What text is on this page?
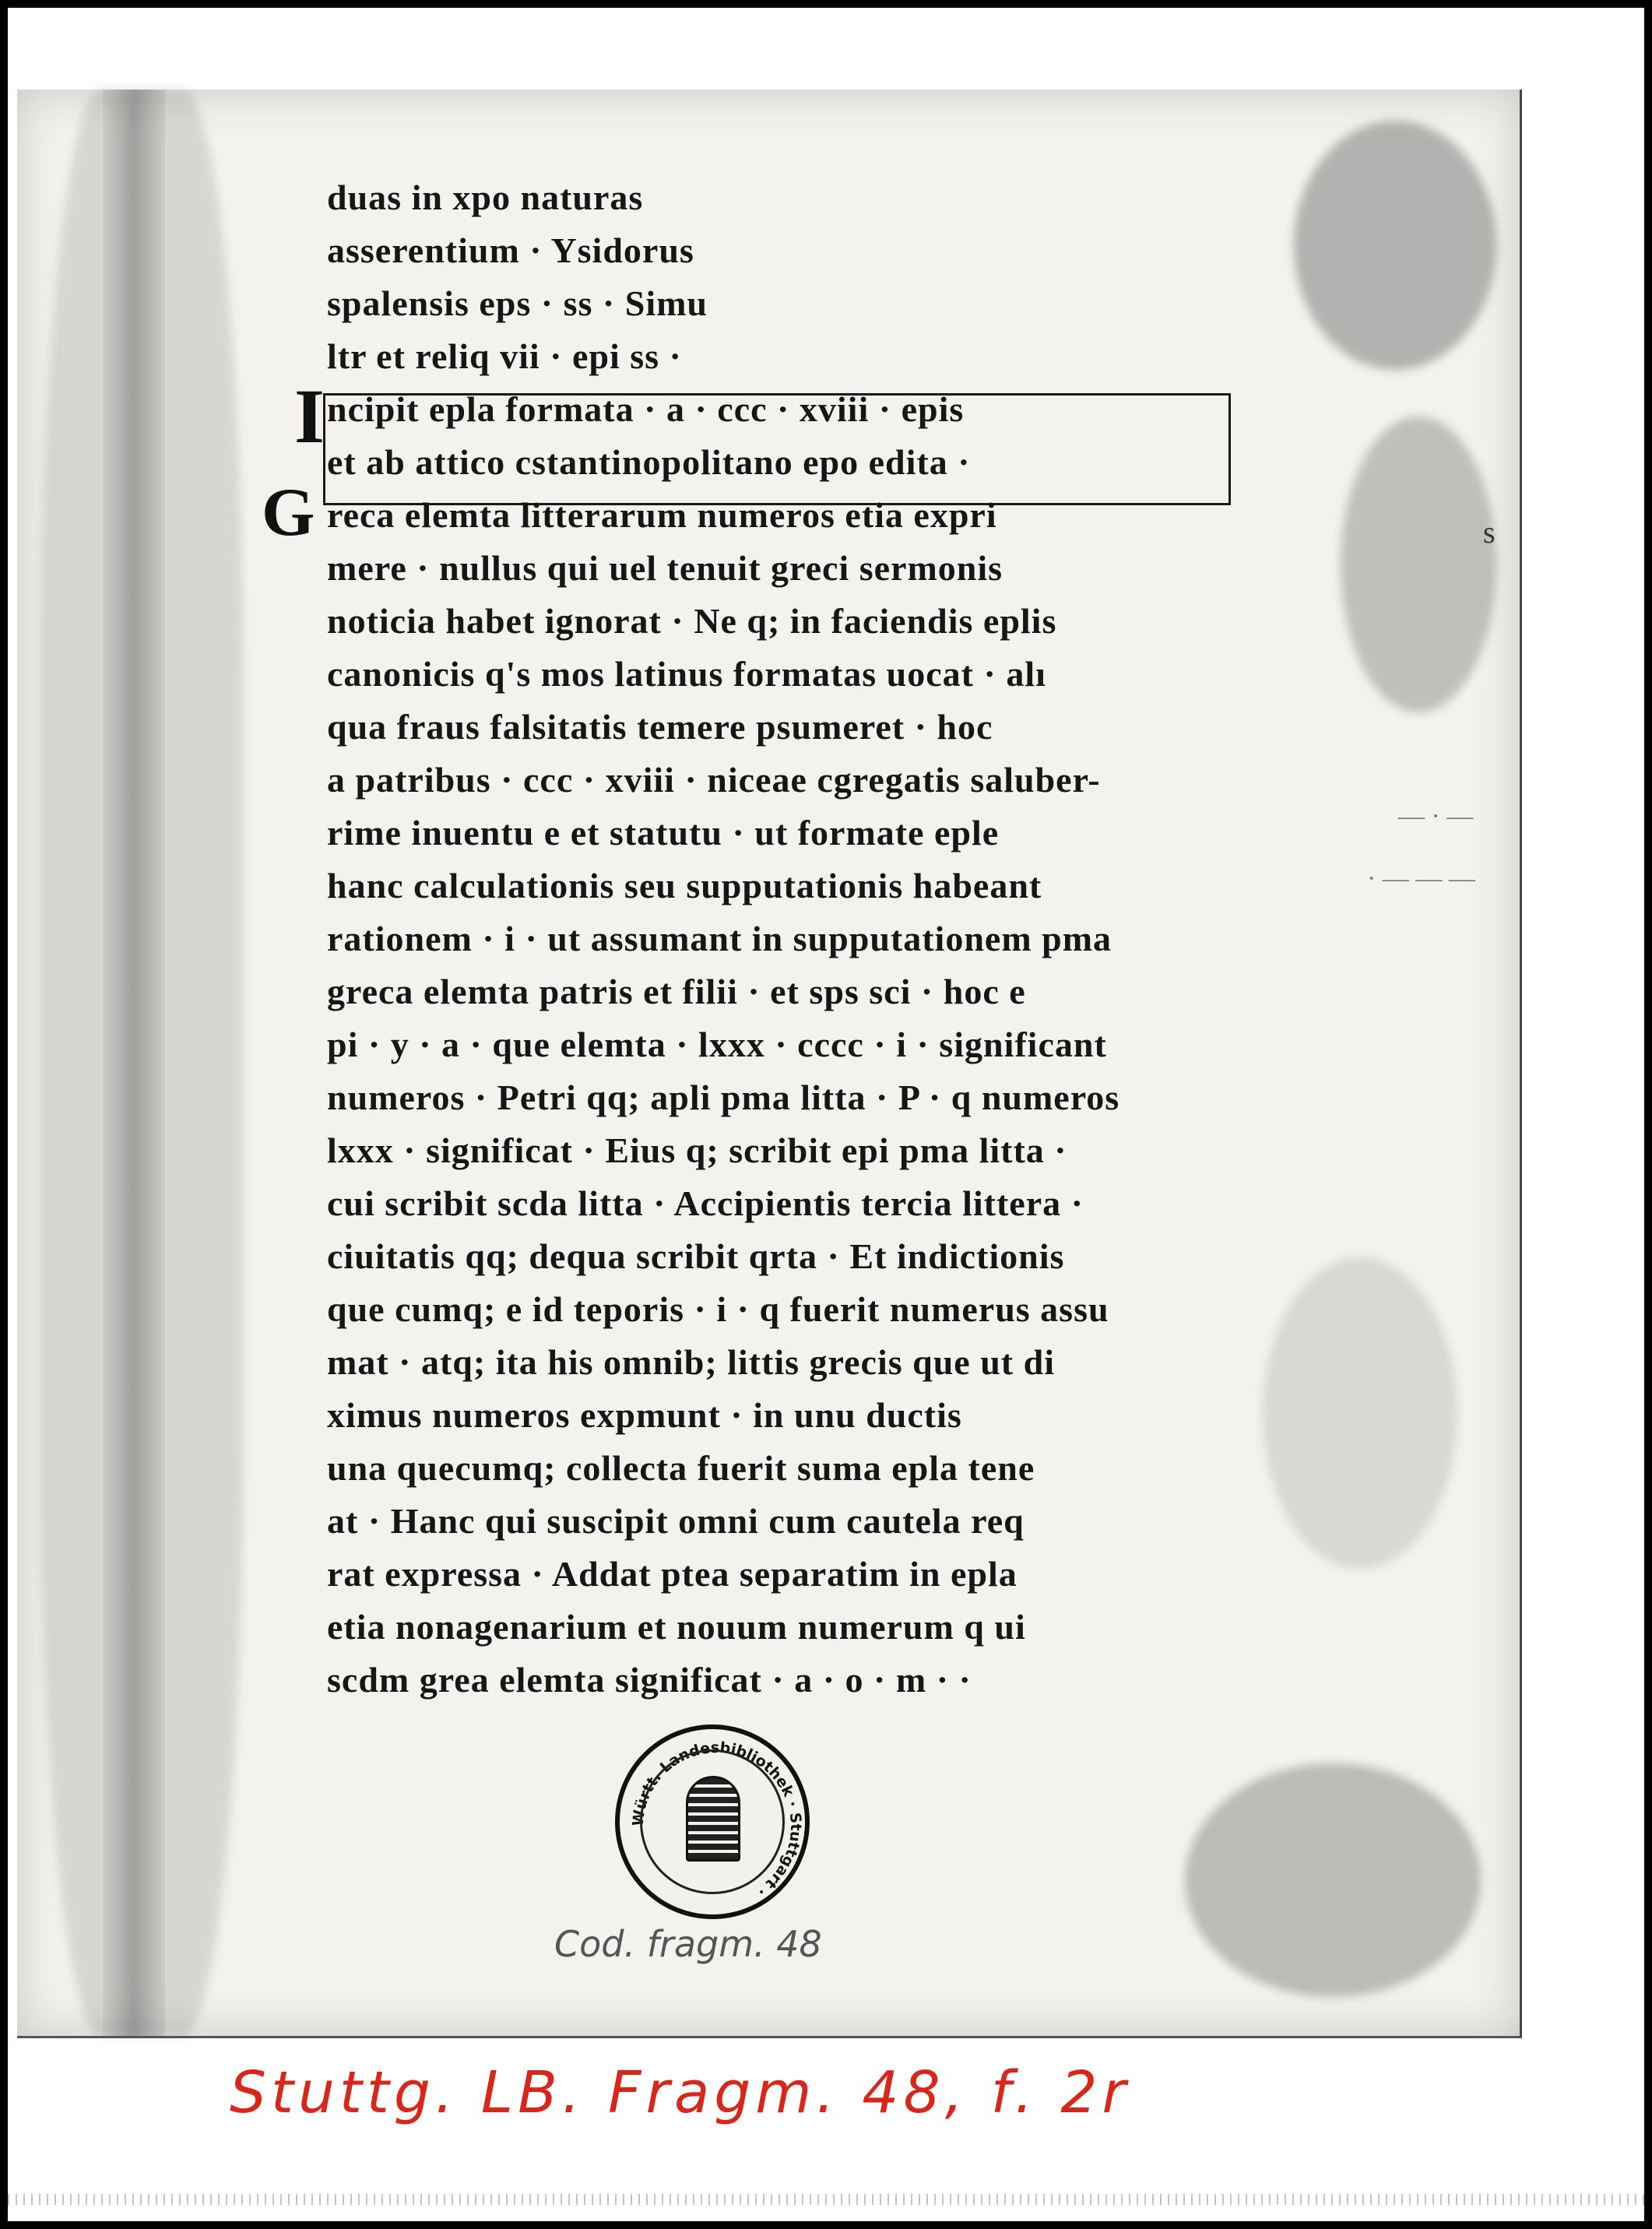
— · —
· — — —
s
I
G
duas in xpo naturas
asserentium · Ysidorus
spalensis eps · ss · Simu
ltr et reliq vii · epi ss ·
ncipit epla formata · a · ccc · xviii · epis
et ab attico cstantinopolitano epo edita ·
reca elemta litterarum numeros etia expri
mere · nullus qui uel tenuit greci sermonis
noticia habet ignorat · Ne q; in faciendis eplis
canonicis q's mos latinus formatas uocat · alı
qua fraus falsitatis temere psumeret · hoc
a patribus · ccc · xviii · niceae cgregatis saluber-
rime inuentu e et statutu · ut formate eple
hanc calculationis seu supputationis habeant
rationem · i · ut assumant in supputationem pma
greca elemta patris et filii · et sps sci · hoc e
pi · y · a · que elemta · lxxx · cccc · i · significant
numeros · Petri qq; apli pma litta · P · q numeros
lxxx · significat · Eius q; scribit epi pma litta ·
cui scribit scda litta · Accipientis tercia littera ·
ciuitatis qq; dequa scribit qrta · Et indictionis
que cumq; e id teporis · i · q fuerit numerus assu
mat · atq; ita his omnib; littis grecis que ut di
ximus numeros expmunt · in unu ductis
una quecumq; collecta fuerit suma epla tene
at · Hanc qui suscipit omni cum cautela req
rat expressa · Addat ptea separatim in epla
etia nonagenarium et nouum numerum q ui
scdm grea elemta significat · a · o · m · ·
Württ. Landesbibliothek · Stuttgart ·
Cod. fragm. 48
Stuttg. LB. Fragm. 48, f. 2r
